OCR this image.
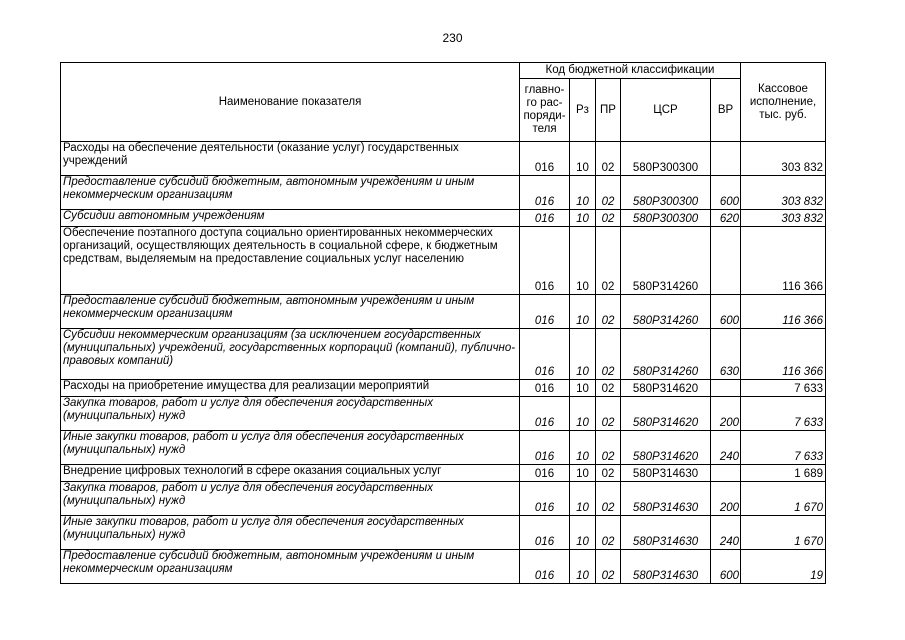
230
Наименование показателя	Код бюджетной классификации					Кассовое исполнение, тыс. руб.
	главно-го рас-поряди-теля	Рз	ПР	ЦСР	ВР	
Расходы на обеспечение деятельности (оказание услуг) государственных учреждений	016	10	02	580P300300		303 832
Предоставление субсидий бюджетным, автономным учреждениям и иным некоммерческим организациям	016	10	02	580P300300	600	303 832
Субсидии автономным учреждениям	016	10	02	580P300300	620	303 832
Обеспечение поэтапного доступа социально ориентированных некоммерческих организаций, осуществляющих деятельность в социальной сфере, к бюджетным средствам, выделяемым на предоставление социальных услуг населению	016	10	02	580P314260		116 366
Предоставление субсидий бюджетным, автономным учреждениям и иным некоммерческим организациям	016	10	02	580P314260	600	116 366
Субсидии некоммерческим организациям (за исключением государственных (муниципальных) учреждений, государственных корпораций (компаний), публично-правовых компаний)	016	10	02	580P314260	630	116 366
Расходы на приобретение имущества для реализации мероприятий	016	10	02	580P314620		7 633
Закупка товаров, работ и услуг для обеспечения государственных (муниципальных) нужд	016	10	02	580P314620	200	7 633
Иные закупки товаров, работ и услуг для обеспечения государственных (муниципальных) нужд	016	10	02	580P314620	240	7 633
Внедрение цифровых технологий в сфере оказания социальных услуг	016	10	02	580P314630		1 689
Закупка товаров, работ и услуг для обеспечения государственных (муниципальных) нужд	016	10	02	580P314630	200	1 670
Иные закупки товаров, работ и услуг для обеспечения государственных (муниципальных) нужд	016	10	02	580P314630	240	1 670
Предоставление субсидий бюджетным, автономным учреждениям и иным некоммерческим организациям	016	10	02	580P314630	600	19
